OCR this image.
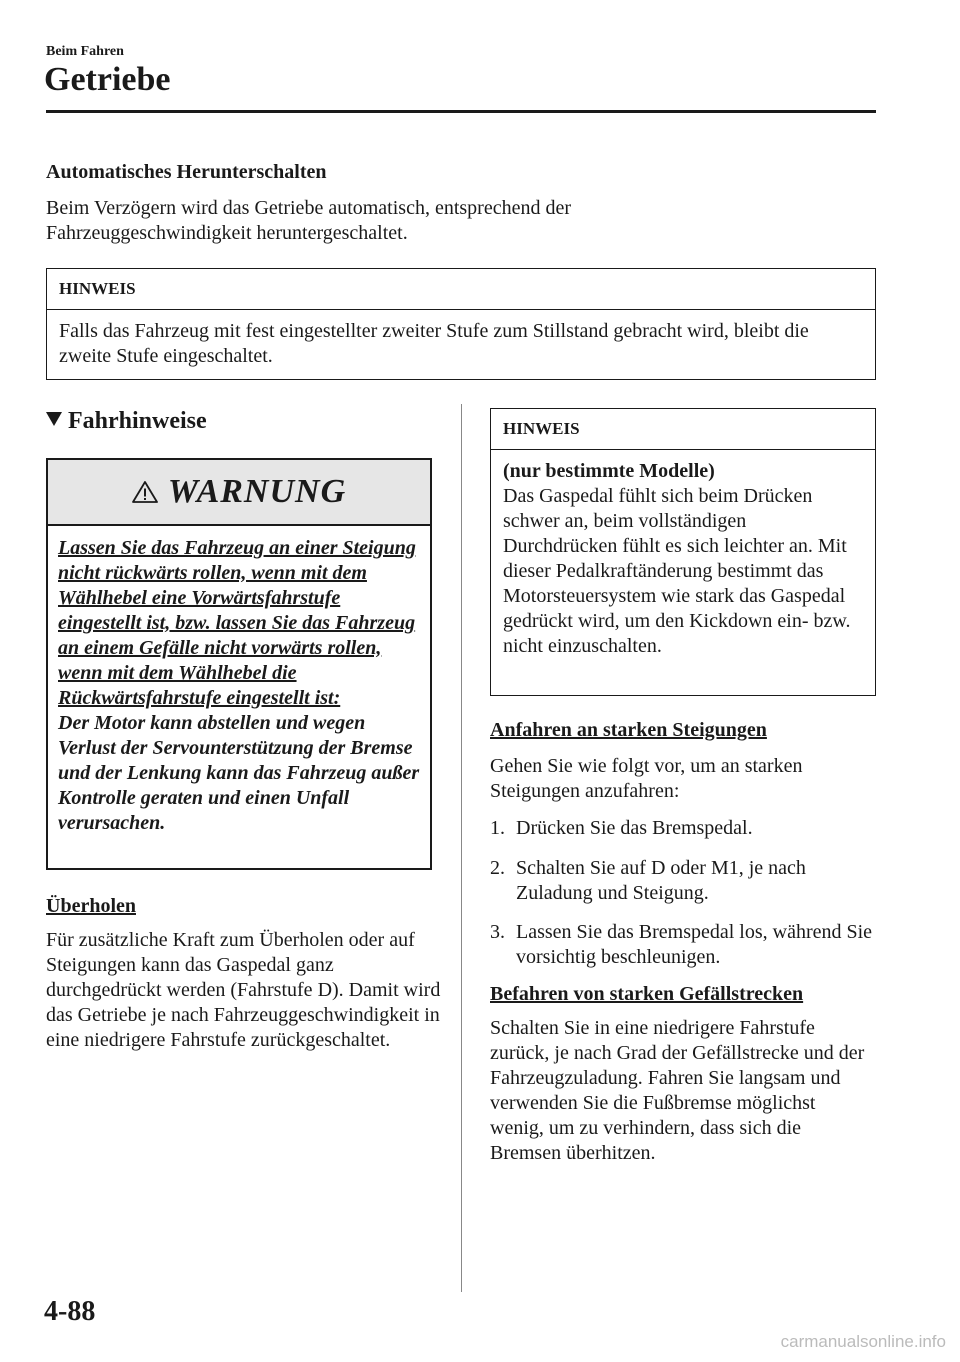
Beim Fahren
Getriebe
Automatisches Herunterschalten
Beim Verzögern wird das Getriebe automatisch, entsprechend der Fahrzeuggeschwindigkeit heruntergeschaltet.
HINWEIS
Falls das Fahrzeug mit fest eingestellter zweiter Stufe zum Stillstand gebracht wird, bleibt die zweite Stufe eingeschaltet.
Fahrhinweise
WARNUNG
Lassen Sie das Fahrzeug an einer Steigung nicht rückwärts rollen, wenn mit dem Wählhebel eine Vorwärtsfahrstufe eingestellt ist, bzw. lassen Sie das Fahrzeug an einem Gefälle nicht vorwärts rollen, wenn mit dem Wählhebel die Rückwärtsfahrstufe eingestellt ist:
Der Motor kann abstellen und wegen Verlust der Servounterstützung der Bremse und der Lenkung kann das Fahrzeug außer Kontrolle geraten und einen Unfall verursachen.
Überholen
Für zusätzliche Kraft zum Überholen oder auf Steigungen kann das Gaspedal ganz durchgedrückt werden (Fahrstufe D). Damit wird das Getriebe je nach Fahrzeuggeschwindigkeit in eine niedrigere Fahrstufe zurückgeschaltet.
HINWEIS
(nur bestimmte Modelle)
Das Gaspedal fühlt sich beim Drücken schwer an, beim vollständigen Durchdrücken fühlt es sich leichter an. Mit dieser Pedalkraftänderung bestimmt das Motorsteuersystem wie stark das Gaspedal gedrückt wird, um den Kickdown ein- bzw. nicht einzuschalten.
Anfahren an starken Steigungen
Gehen Sie wie folgt vor, um an starken Steigungen anzufahren:
1. Drücken Sie das Bremspedal.
2. Schalten Sie auf D oder M1, je nach Zuladung und Steigung.
3. Lassen Sie das Bremspedal los, während Sie vorsichtig beschleunigen.
Befahren von starken Gefällstrecken
Schalten Sie in eine niedrigere Fahrstufe zurück, je nach Grad der Gefällstrecke und der Fahrzeugzuladung. Fahren Sie langsam und verwenden Sie die Fußbremse möglichst wenig, um zu verhindern, dass sich die Bremsen überhitzen.
4-88
carmanualsonline.info
